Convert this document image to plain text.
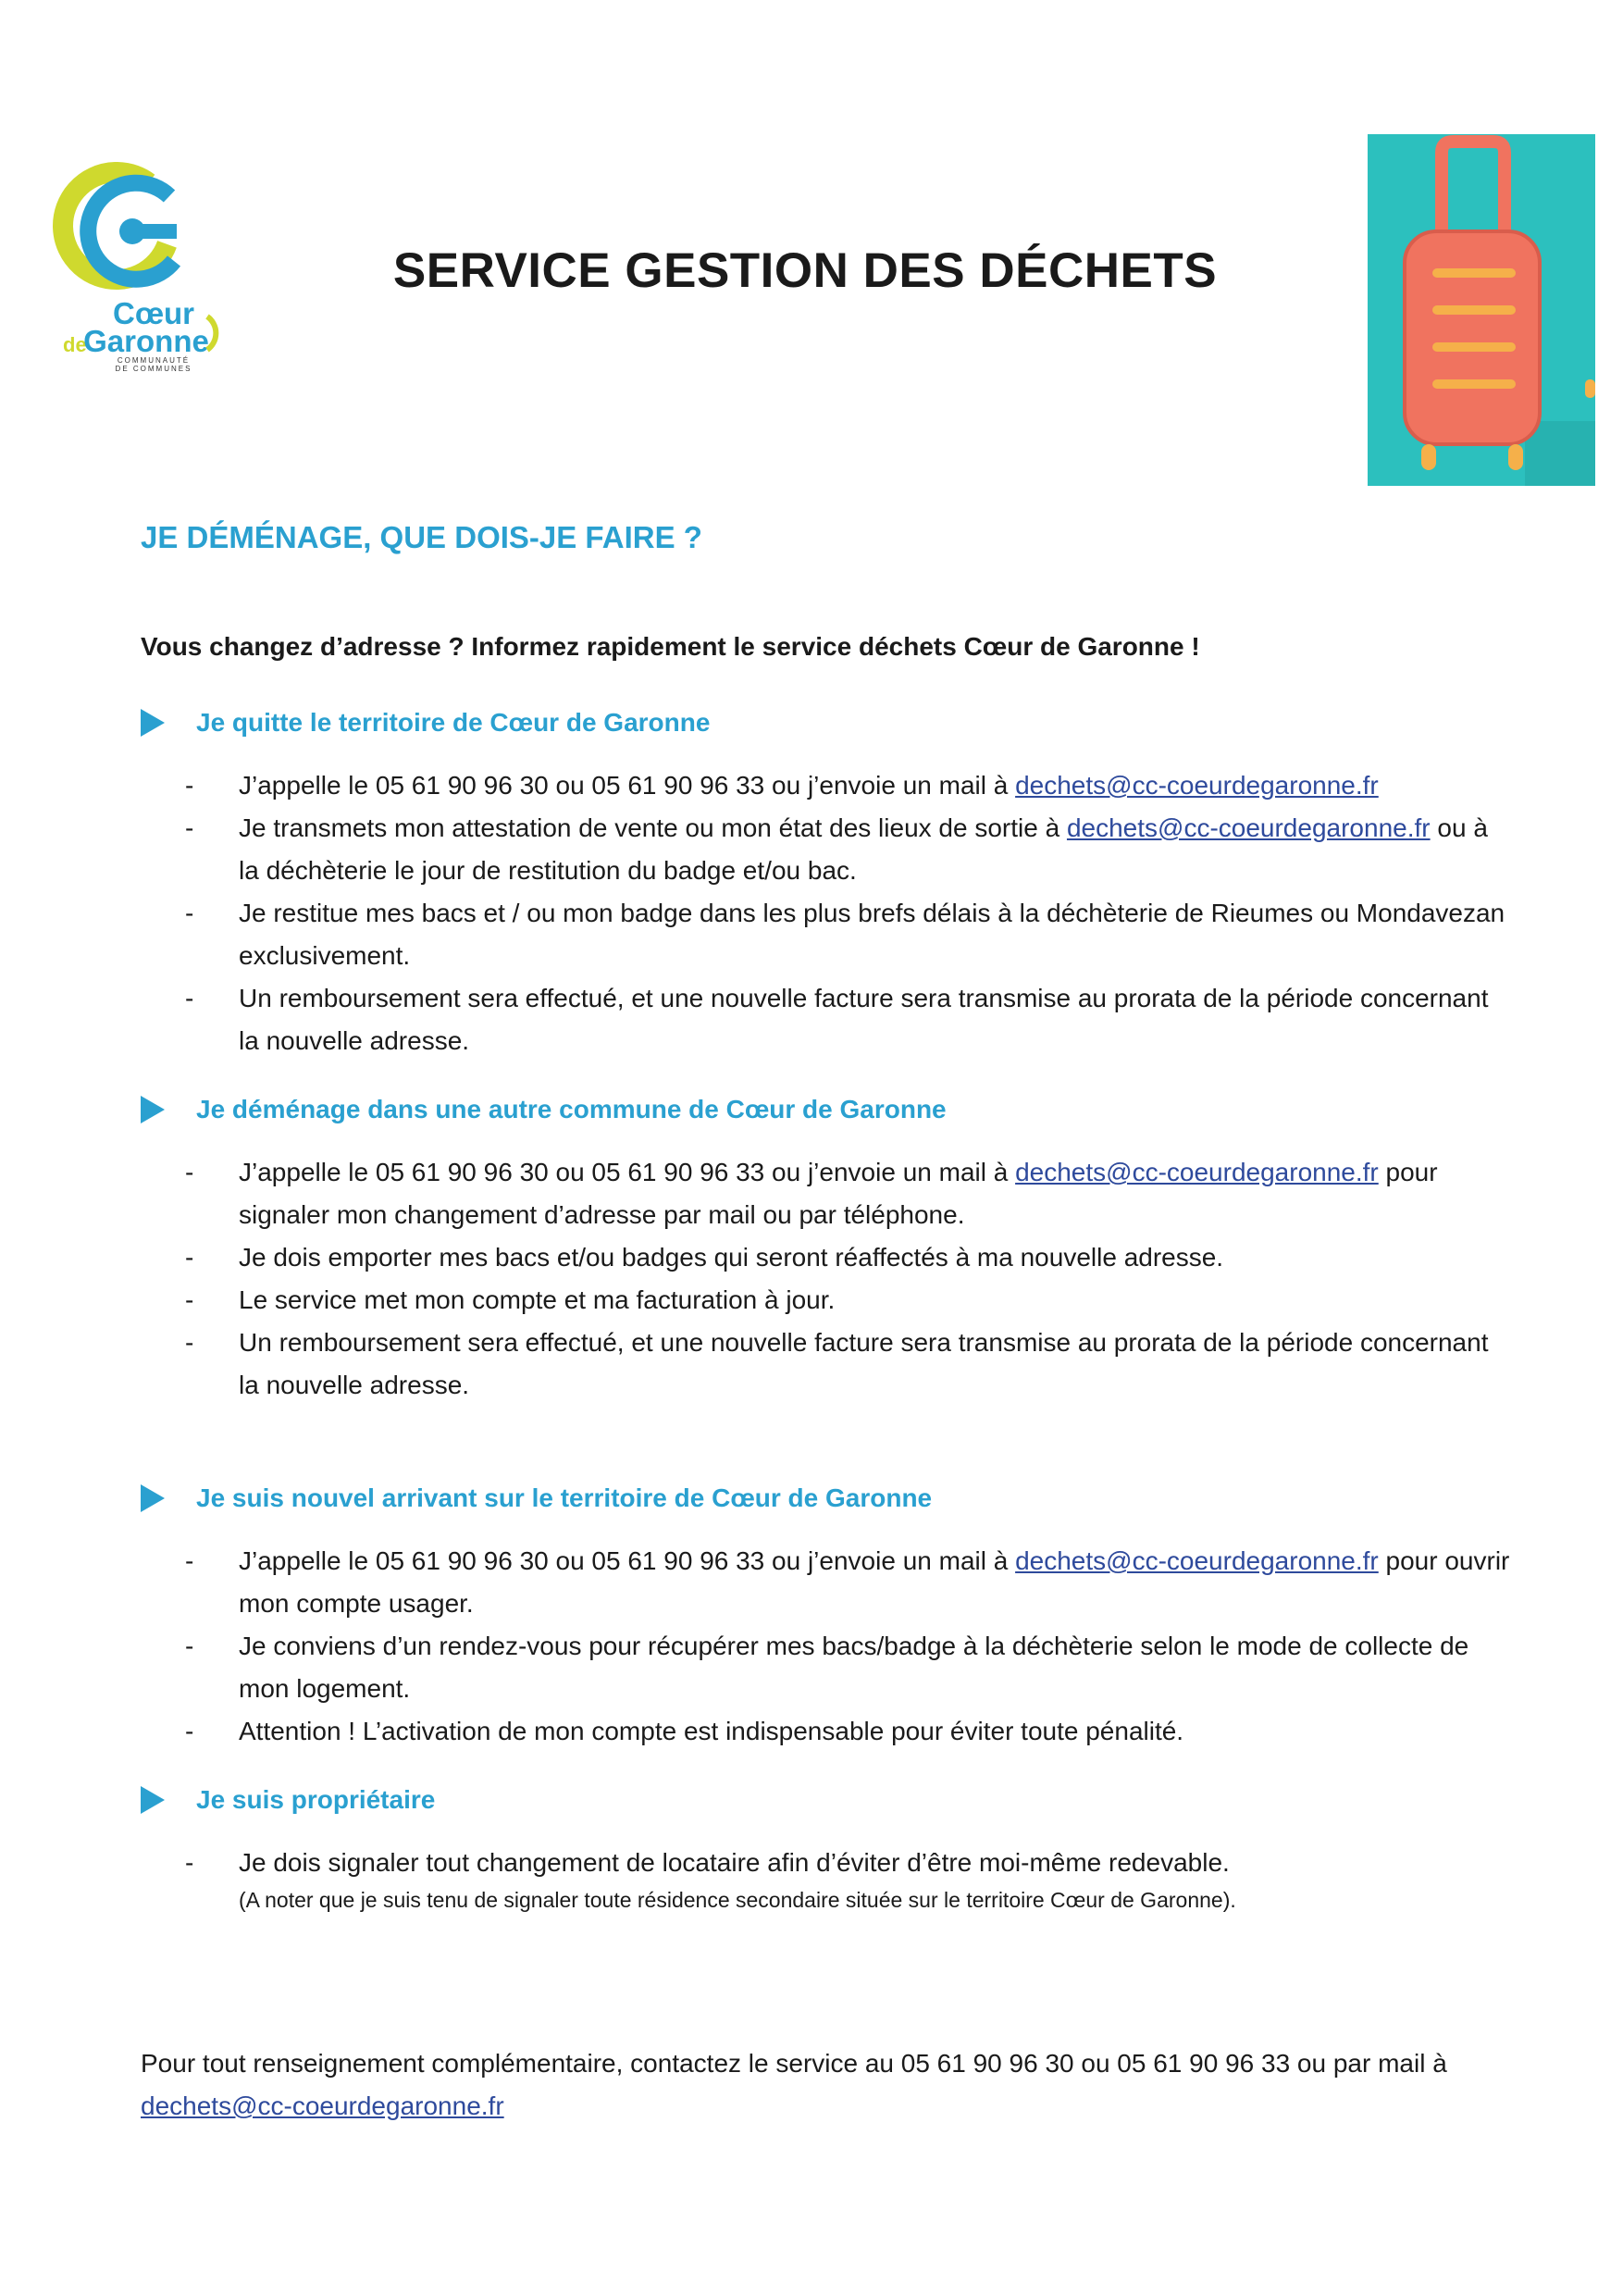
Cœur
de
Garonne
COMMUNAUTÉ
DE COMMUNES
SERVICE GESTION DES DÉCHETS
JE DÉMÉNAGE, QUE DOIS-JE FAIRE ?

Vous changez d’adresse ? Informez rapidement le service déchets Cœur de Garonne !

Je quitte le territoire de Cœur de Garonne
- J’appelle le 05 61 90 96 30 ou 05 61 90 96 33 ou j’envoie un mail à dechets@cc-coeurdegaronne.fr
- Je transmets mon attestation de vente ou mon état des lieux de sortie à dechets@cc-coeurdegaronne.fr ou à la déchèterie le jour de restitution du badge et/ou bac.
- Je restitue mes bacs et / ou mon badge dans les plus brefs délais à la déchèterie de Rieumes ou Mondavezan exclusivement.
- Un remboursement sera effectué, et une nouvelle facture sera transmise au prorata de la période concernant la nouvelle adresse.
Je déménage dans une autre commune de Cœur de Garonne
- J’appelle le 05 61 90 96 30 ou 05 61 90 96 33 ou j’envoie un mail à dechets@cc-coeurdegaronne.fr pour signaler mon changement d’adresse par mail ou par téléphone.
- Je dois emporter mes bacs et/ou badges qui seront réaffectés à ma nouvelle adresse.
- Le service met mon compte et ma facturation à jour.
- Un remboursement sera effectué, et une nouvelle facture sera transmise au prorata de la période concernant la nouvelle adresse.
Je suis nouvel arrivant sur le territoire de Cœur de Garonne
- J’appelle le 05 61 90 96 30 ou 05 61 90 96 33 ou j’envoie un mail à dechets@cc-coeurdegaronne.fr pour ouvrir mon compte usager.
- Je conviens d’un rendez-vous pour récupérer mes bacs/badge à la déchèterie selon le mode de collecte de mon logement.
- Attention ! L’activation de mon compte est indispensable pour éviter toute pénalité.
Je suis propriétaire
- Je dois signaler tout changement de locataire afin d’éviter d’être moi-même redevable.
(A noter que je suis tenu de signaler toute résidence secondaire située sur le territoire Cœur de Garonne).

Pour tout renseignement complémentaire, contactez le service au 05 61 90 96 30 ou 05 61 90 96 33 ou par mail à dechets@cc-coeurdegaronne.fr
